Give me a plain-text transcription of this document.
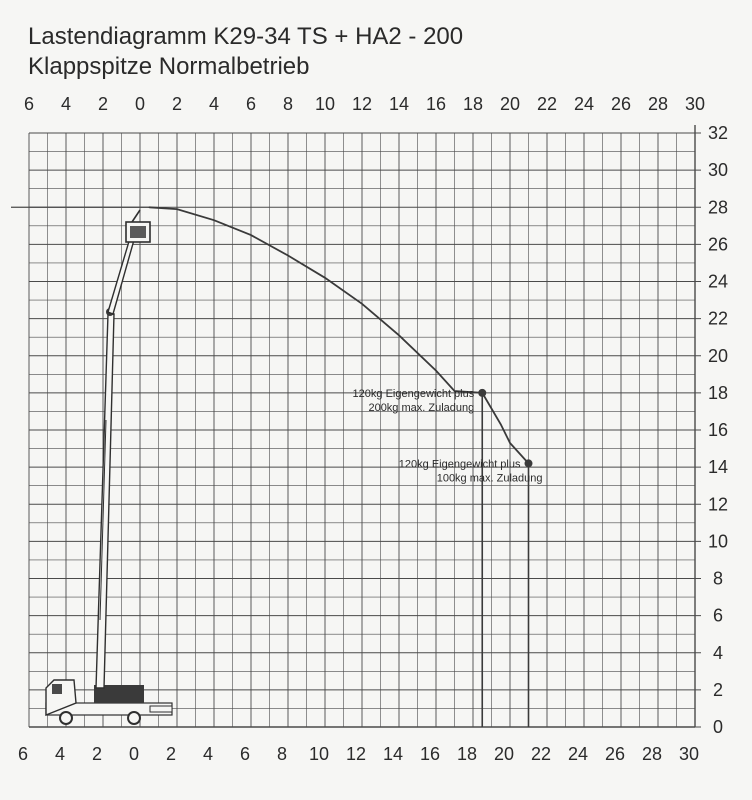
Lastendiagramm K29-34 TS + HA2 - 200
Klappspitze Normalbetrieb
6 4 2 0 2 4 6 8 10 12 14 16 18 20 22 24 26 28 30
6 4 2 0 2 4 6 8 10 12 14 16 18 20 22 24 26 28 30
0
2
4
6
8
10
12
14
16
18
20
22
24
26
28
30
32
120kg Eigengewicht plus
200kg max. Zuladung
120kg Eigengewicht plus
100kg max. Zuladung
